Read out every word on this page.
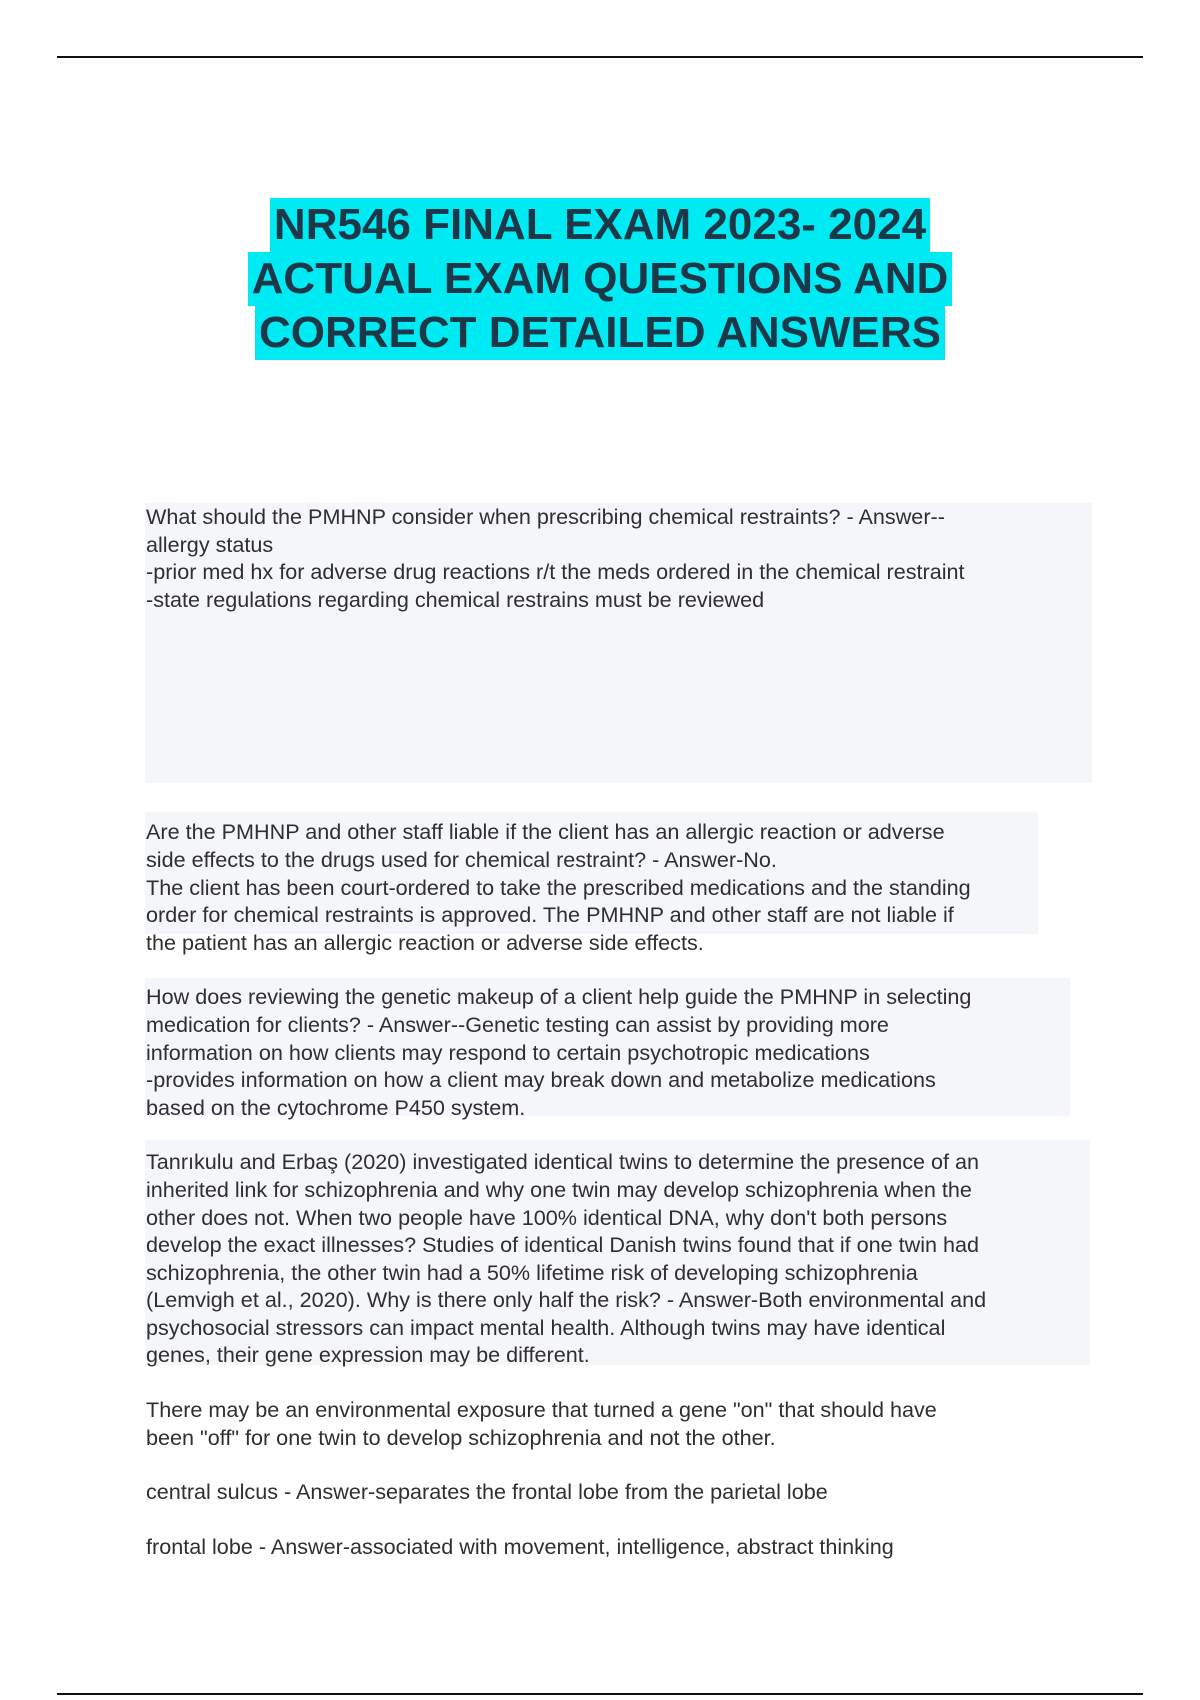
NR546 FINAL EXAM 2023- 2024
ACTUAL EXAM QUESTIONS AND
CORRECT DETAILED ANSWERS

What should the PMHNP consider when prescribing chemical restraints? - Answer--
allergy status
-prior med hx for adverse drug reactions r/t the meds ordered in the chemical restraint
-state regulations regarding chemical restrains must be reviewed

Are the PMHNP and other staff liable if the client has an allergic reaction or adverse
side effects to the drugs used for chemical restraint? - Answer-No.
The client has been court-ordered to take the prescribed medications and the standing
order for chemical restraints is approved. The PMHNP and other staff are not liable if
the patient has an allergic reaction or adverse side effects.

How does reviewing the genetic makeup of a client help guide the PMHNP in selecting
medication for clients? - Answer--Genetic testing can assist by providing more
information on how clients may respond to certain psychotropic medications
-provides information on how a client may break down and metabolize medications
based on the cytochrome P450 system.

Tanrıkulu and Erbaş (2020) investigated identical twins to determine the presence of an
inherited link for schizophrenia and why one twin may develop schizophrenia when the
other does not. When two people have 100% identical DNA, why don't both persons
develop the exact illnesses? Studies of identical Danish twins found that if one twin had
schizophrenia, the other twin had a 50% lifetime risk of developing schizophrenia
(Lemvigh et al., 2020). Why is there only half the risk? - Answer-Both environmental and
psychosocial stressors can impact mental health. Although twins may have identical
genes, their gene expression may be different.

There may be an environmental exposure that turned a gene "on" that should have
been "off" for one twin to develop schizophrenia and not the other.

central sulcus - Answer-separates the frontal lobe from the parietal lobe

frontal lobe - Answer-associated with movement, intelligence, abstract thinking
